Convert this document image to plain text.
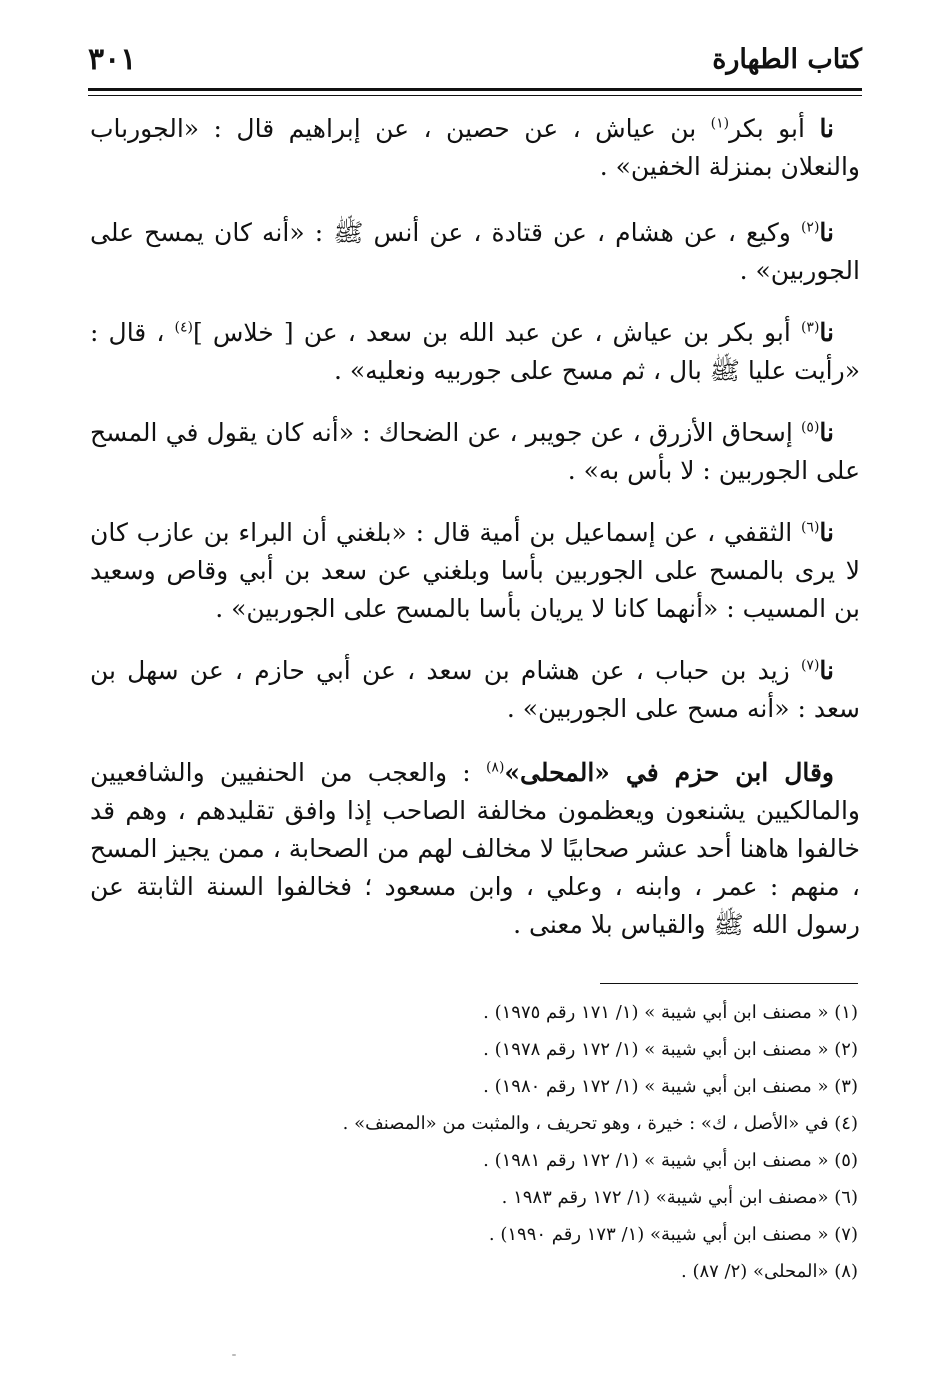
كتاب الطهارة
٣٠١

نا أبو بكر$^{(١)}$ بن عياش ، عن حصين ، عن إبراهيم قال : «الجورباب والنعلان بمنزلة الخفين» .

نا$^{(٢)}$ وكيع ، عن هشام ، عن قتادة ، عن أنس ﷺ : «أنه كان يمسح على الجوربين» .

نا$^{(٣)}$ أبو بكر بن عياش ، عن عبد الله بن سعد ، عن [ خلاس ]$^{(٤)}$ ، قال : «رأيت عليا ﷺ بال ، ثم مسح على جوربيه ونعليه» .

نا$^{(٥)}$ إسحاق الأزرق ، عن جويبر ، عن الضحاك : «أنه كان يقول في المسح على الجوربين : لا بأس به» .

نا$^{(٦)}$ الثقفي ، عن إسماعيل بن أمية قال : «بلغني أن البراء بن عازب كان لا يرى بالمسح على الجوربين بأسا وبلغني عن سعد بن أبي وقاص وسعيد بن المسيب : «أنهما كانا لا يريان بأسا بالمسح على الجوربين» .

نا$^{(٧)}$ زيد بن حباب ، عن هشام بن سعد ، عن أبي حازم ، عن سهل بن سعد : «أنه مسح على الجوربين» .

وقال ابن حزم في «المحلى»$^{(٨)}$ : والعجب من الحنفيين والشافعيين والمالكيين يشنعون ويعظمون مخالفة الصاحب إذا وافق تقليدهم ، وهم قد خالفوا هاهنا أحد عشر صحابيًا لا مخالف لهم من الصحابة ، ممن يجيز المسح ، منهم : عمر ، وابنه ، وعلي ، وابن مسعود ؛ فخالفوا السنة الثابتة عن رسول الله ﷺ والقياس بلا معنى .

(١) « مصنف ابن أبي شيبة » (١/ ١٧١ رقم ١٩٧٥) .

(٢) « مصنف ابن أبي شيبة » (١/ ١٧٢ رقم ١٩٧٨) .

(٣) « مصنف ابن أبي شيبة » (١/ ١٧٢ رقم ١٩٨٠) .

(٤) في «الأصل ، ك» : خيرة ، وهو تحريف ، والمثبت من «المصنف» .

(٥) « مصنف ابن أبي شيبة » (١/ ١٧٢ رقم ١٩٨١) .

(٦) «مصنف ابن أبي شيبة» (١/ ١٧٢ رقم ١٩٨٣ .

(٧) « مصنف ابن أبي شيبة» (١/ ١٧٣ رقم ١٩٩٠) .

(٨) «المحلى» (٢/ ٨٧) .
